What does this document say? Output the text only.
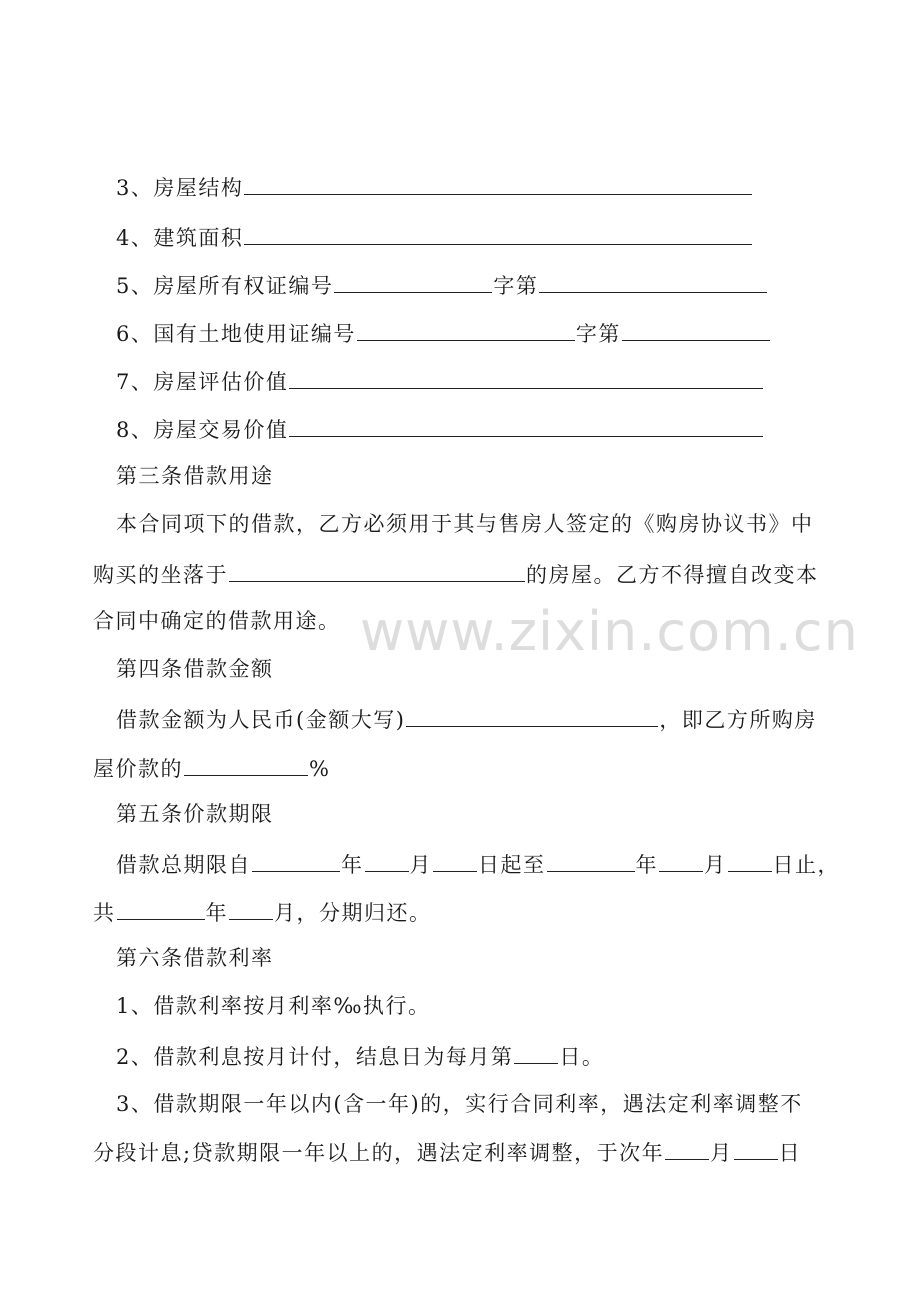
www.zixin.com.cn
3、房屋结构
4、建筑面积
5、房屋所有权证编号	字第
6、国有土地使用证编号	字第
7、房屋评估价值
8、房屋交易价值
第三条借款用途
本合同项下的借款，乙方必须用于其与售房人签定的《购房协议书》中
购买的坐落于	的房屋。乙方不得擅自改变本
合同中确定的借款用途。
第四条借款金额
借款金额为人民币(金额大写)	，即乙方所购房
屋价款的	%
第五条价款期限
借款总期限自	年 月 日起至	年 月 日止，
共	年 月，分期归还。
第六条借款利率
1、借款利率按月利率‰执行。
2、借款利息按月计付，结息日为每月第 日。
3、借款期限一年以内(含一年)的，实行合同利率，遇法定利率调整不
分段计息;贷款期限一年以上的，遇法定利率调整，于次年 月 日
